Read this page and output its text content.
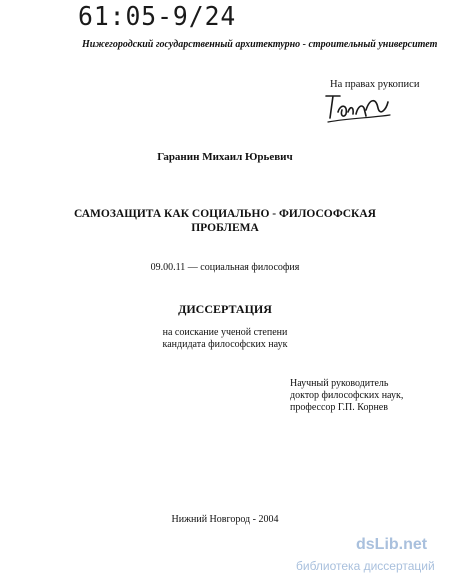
61:05-9/24
Нижегородский государственный архитектурно - строительный университет
На правах рукописи
Гаранин Михаил Юрьевич
САМОЗАЩИТА КАК СОЦИАЛЬНО - ФИЛОСОФСКАЯ
ПРОБЛЕМА
09.00.11 — социальная философия
ДИССЕРТАЦИЯ
на соискание ученой степени
кандидата философских наук
Научный руководитель
доктор философских наук,
профессор Г.П. Корнев
Нижний Новгород - 2004
dsLib.net
библиотека диссертаций
